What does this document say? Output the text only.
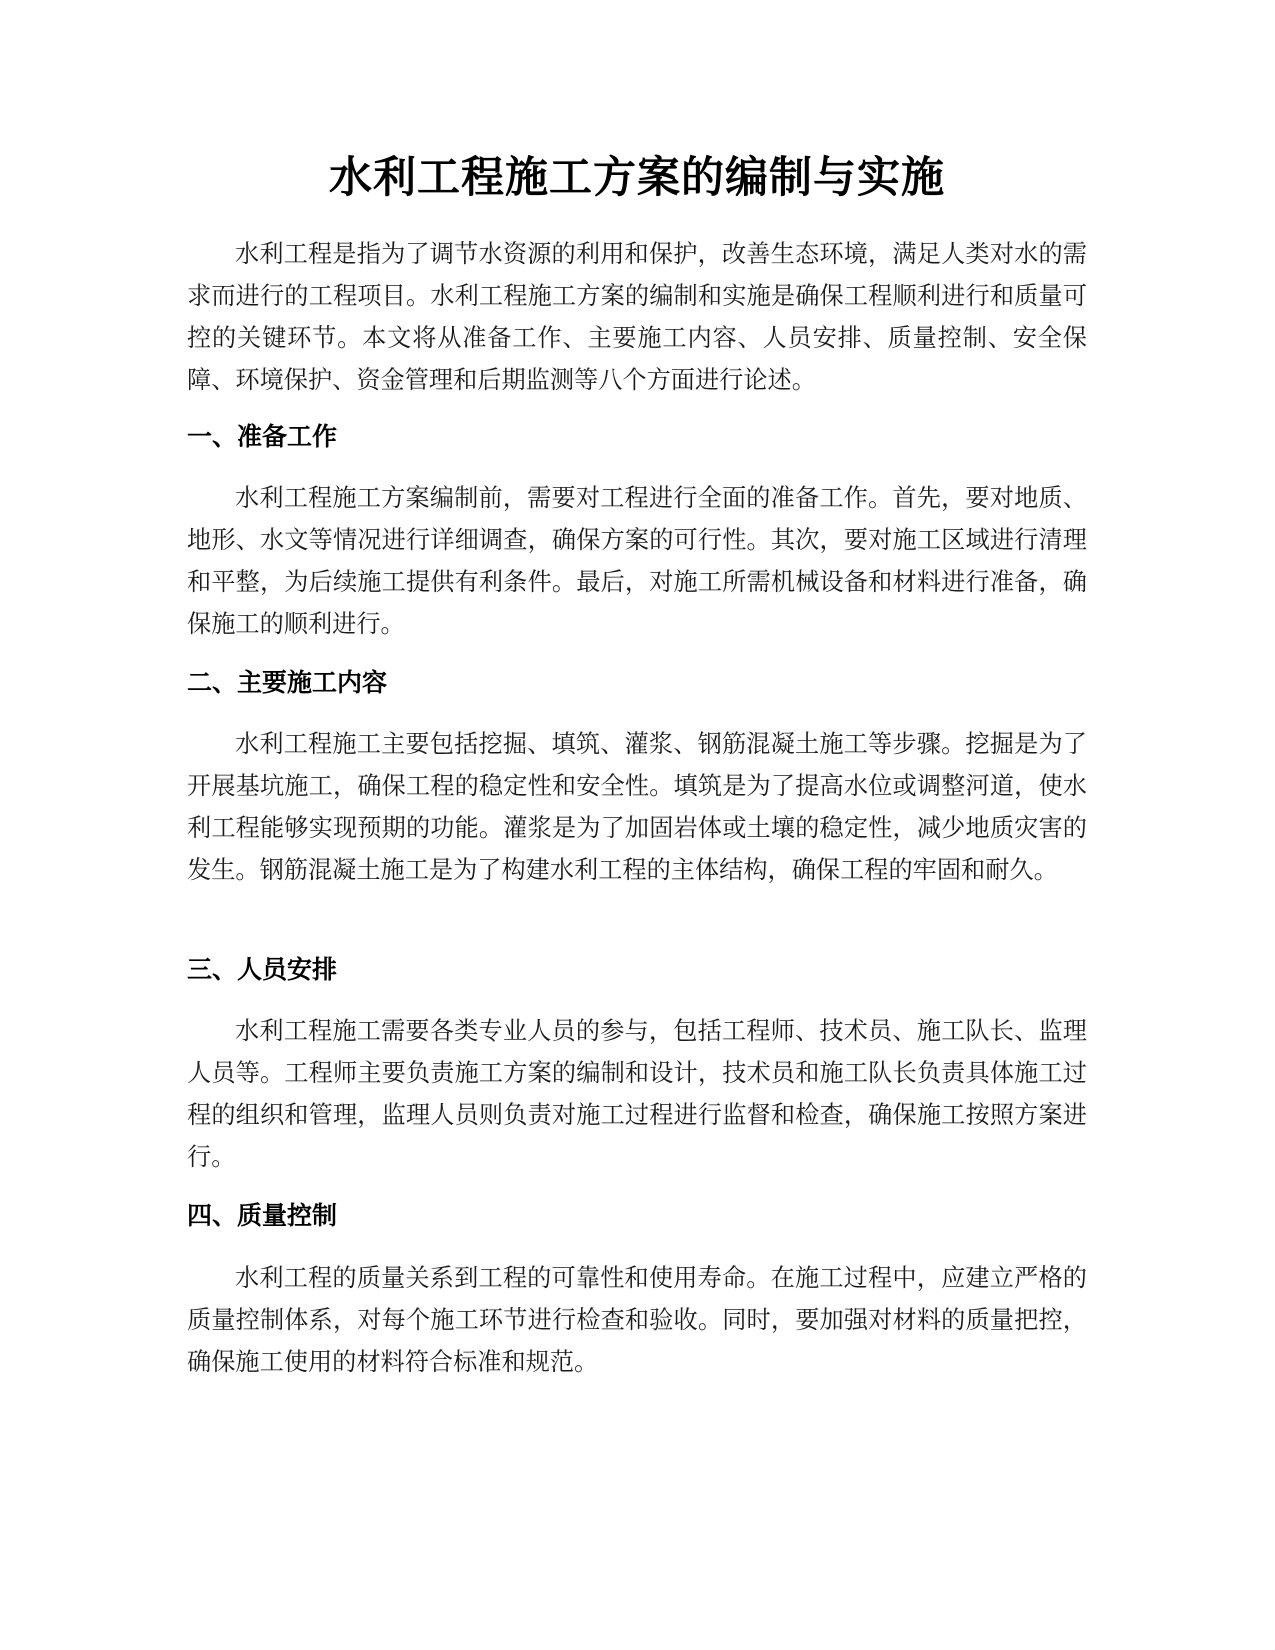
水利工程施工方案的编制与实施

水利工程是指为了调节水资源的利用和保护，改善生态环境，满足人类对水的需求而进行的工程项目。水利工程施工方案的编制和实施是确保工程顺利进行和质量可控的关键环节。本文将从准备工作、主要施工内容、人员安排、质量控制、安全保障、环境保护、资金管理和后期监测等八个方面进行论述。

一、准备工作

水利工程施工方案编制前，需要对工程进行全面的准备工作。首先，要对地质、地形、水文等情况进行详细调查，确保方案的可行性。其次，要对施工区域进行清理和平整，为后续施工提供有利条件。最后，对施工所需机械设备和材料进行准备，确保施工的顺利进行。

二、主要施工内容

水利工程施工主要包括挖掘、填筑、灌浆、钢筋混凝土施工等步骤。挖掘是为了开展基坑施工，确保工程的稳定性和安全性。填筑是为了提高水位或调整河道，使水利工程能够实现预期的功能。灌浆是为了加固岩体或土壤的稳定性，减少地质灾害的发生。钢筋混凝土施工是为了构建水利工程的主体结构，确保工程的牢固和耐久。

三、人员安排

水利工程施工需要各类专业人员的参与，包括工程师、技术员、施工队长、监理人员等。工程师主要负责施工方案的编制和设计，技术员和施工队长负责具体施工过程的组织和管理，监理人员则负责对施工过程进行监督和检查，确保施工按照方案进行。

四、质量控制

水利工程的质量关系到工程的可靠性和使用寿命。在施工过程中，应建立严格的质量控制体系，对每个施工环节进行检查和验收。同时，要加强对材料的质量把控，确保施工使用的材料符合标准和规范。
